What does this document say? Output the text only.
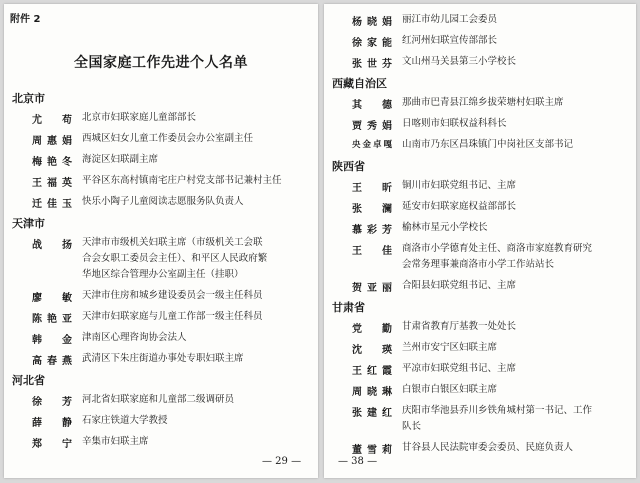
附件 2
全国家庭工作先进个人名单
北京市
尤　苟 北京市妇联家庭儿童部部长
周惠娟 西城区妇女儿童工作委员会办公室副主任
梅艳冬 海淀区妇联副主席
王福英 平谷区东高村镇南宅庄户村党支部书记兼村主任
迁佳玉 快乐小陶子儿童阅读志愿服务队负责人
天津市
战　扬 天津市市级机关妇联主席（市级机关工会联
合会女职工委员会主任）、和平区人民政府繁
华地区综合管理办公室副主任（挂职）
廖　敏 天津市住房和城乡建设委员会一级主任科员
陈艳亚 天津市妇联家庭与儿童工作部一级主任科员
韩　金 津南区心理咨询协会法人
高春燕 武清区下朱庄街道办事处专职妇联主席
河北省
徐　芳 河北省妇联家庭和儿童部二级调研员
薛　静 石家庄铁道大学教授
郑　宁 辛集市妇联主席
— 29 —
杨晓娟 丽江市幼儿园工会委员
徐家能 红河州妇联宣传部部长
张世芬 文山州马关县第三小学校长
西藏自治区
其　德 那曲市巴青县江绵乡拔荣塘村妇联主席
贾秀娟 日喀则市妇联权益科科长
央金卓嘎 山南市乃东区昌珠镇门中岗社区支部书记
陕西省
王　昕 铜川市妇联党组书记、主席
张　澜 延安市妇联家庭权益部部长
慕彩芳 榆林市星元小学校长
王　佳 商洛市小学德育处主任、商洛市家庭教育研究
会常务理事兼商洛市小学工作站站长
贺亚丽 合阳县妇联党组书记、主席
甘肃省
党　勤 甘肃省教育厅基教一处处长
沈　瑛 兰州市安宁区妇联主席
王红霞 平凉市妇联党组书记、主席
周晓琳 白银市白银区妇联主席
张建红 庆阳市华池县乔川乡铁角城村第一书记、工作
队长
董雪莉 甘谷县人民法院审委会委员、民庭负责人
— 38 —
